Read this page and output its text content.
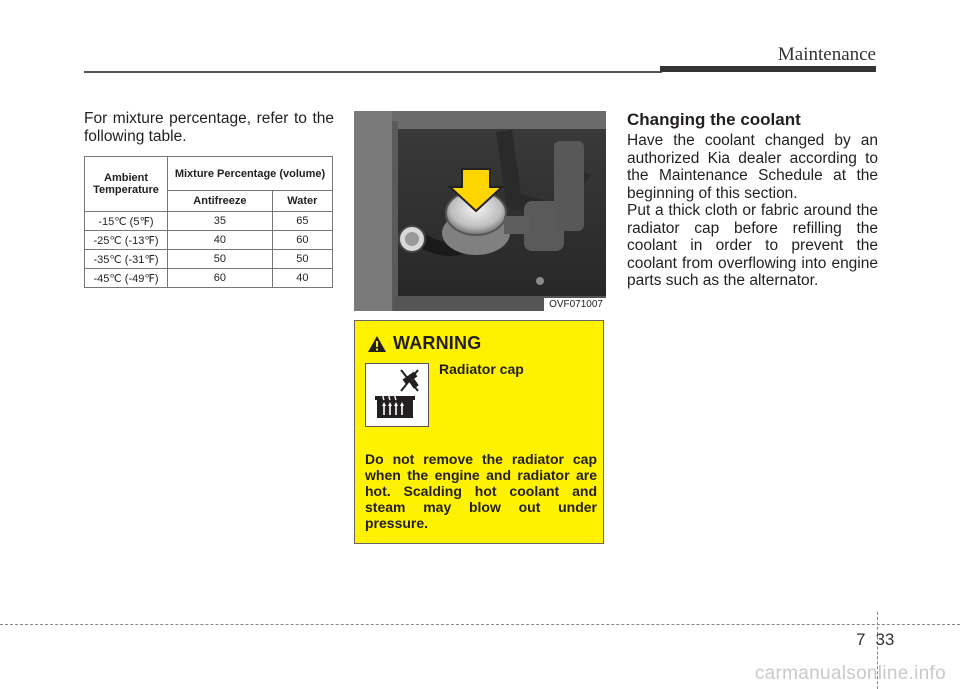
Maintenance
For mixture percentage, refer to the following table.
Ambient Temperature	Mixture Percentage (volume)	
	Antifreeze	Water
-15℃ (5℉)	35	65
-25℃ (-13℉)	40	60
-35℃ (-31℉)	50	50
-45℃ (-49℉)	60	40
OVF071007
WARNING
Radiator cap
Do not remove the radiator cap when the engine and radiator are hot. Scalding hot coolant and steam may blow out under pressure.
Changing the coolant
Have the coolant changed by an authorized Kia dealer according to the Maintenance Schedule at the beginning of this section.
Put a thick cloth or fabric around the radiator cap before refilling the coolant in order to prevent the coolant from overflowing into engine parts such as the alternator.
7 33
carmanualsonline.info
